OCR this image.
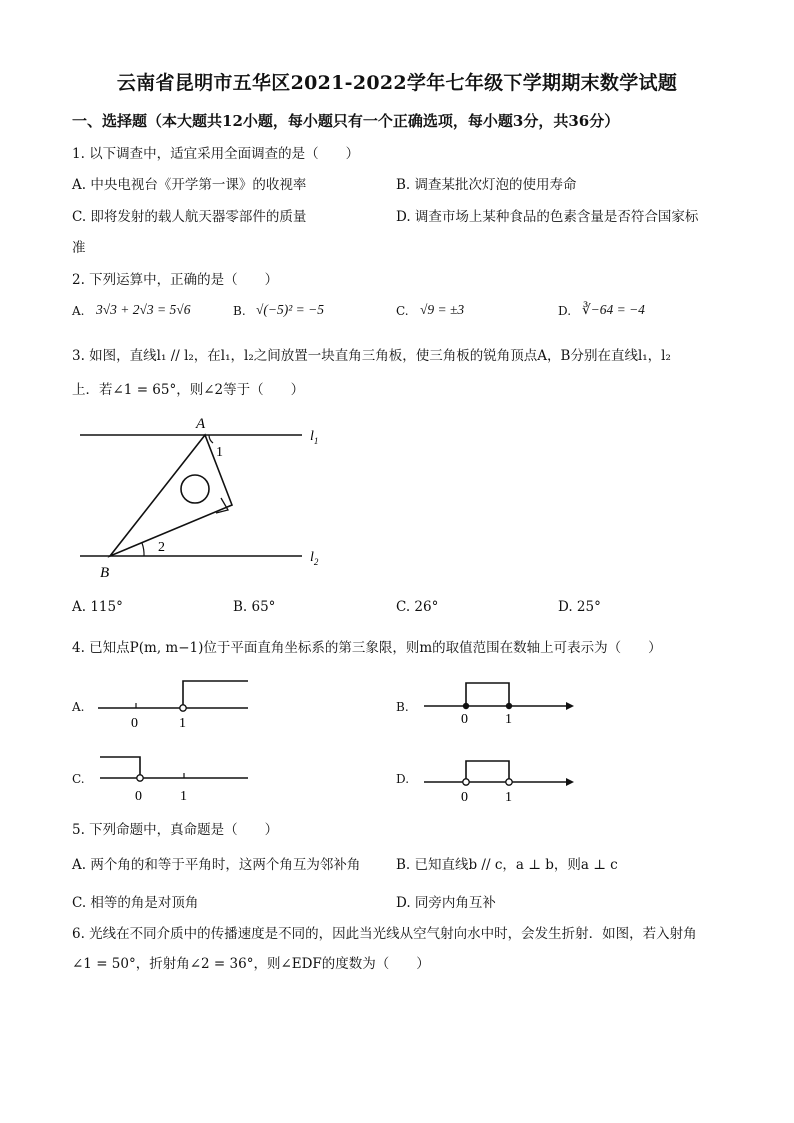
云南省昆明市五华区2021-2022学年七年级下学期期末数学试题
一、选择题（本大题共12小题，每小题只有一个正确选项，每小题3分，共36分）
1. 以下调查中，适宜采用全面调查的是（　　）
A. 中央电视台《开学第一课》的收视率	B. 调查某批次灯泡的使用寿命
C. 即将发射的载人航天器零部件的质量	D. 调查市场上某种食品的色素含量是否符合国家标
准
2. 下列运算中，正确的是（　　）
A. 3√3 + 2√3 = 5√6	B. √(−5)² = −5	C. √9 = ±3	D. ∛−64 = −4
3. 如图，直线l₁ // l₂，在l₁，l₂之间放置一块直角三角板，使三角板的锐角顶点A，B分别在直线l₁，l₂
上．若∠1 = 65°，则∠2等于（　　）
A
B
1
2
$l_1$
$l_2$
A. 115°	B. 65°	C. 26°	D. 25°
4. 已知点P(m, m−1)位于平面直角坐标系的第三象限，则m的取值范围在数轴上可表示为（　　）
A.
0	1
B.
0	1
C.
0	1
D.
0	1
5. 下列命题中，真命题是（　　）
A. 两个角的和等于平角时，这两个角互为邻补角	B. 已知直线b // c，a ⊥ b，则a ⊥ c
C. 相等的角是对顶角	D. 同旁内角互补
6. 光线在不同介质中的传播速度是不同的，因此当光线从空气射向水中时，会发生折射．如图，若入射角
∠1 = 50°，折射角∠2 = 36°，则∠EDF的度数为（　　）
